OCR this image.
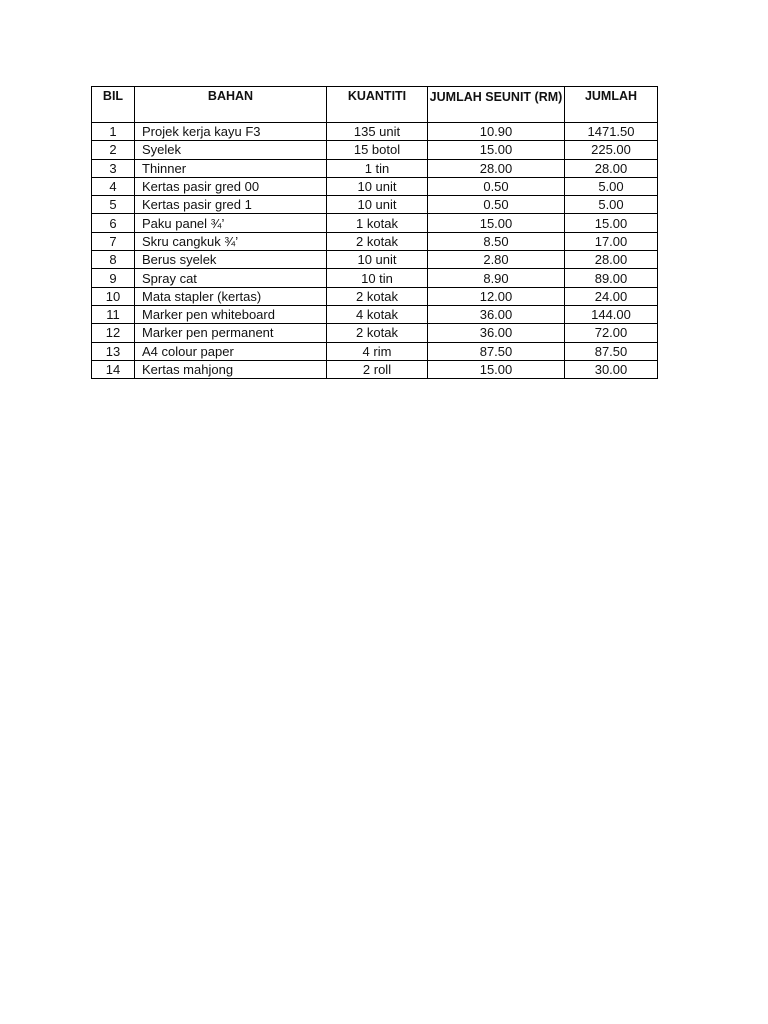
BIL	BAHAN	KUANTITI	JUMLAH SEUNIT (RM)	JUMLAH
1	Projek kerja kayu F3	135 unit	10.90	1471.50
2	Syelek	15 botol	15.00	225.00
3	Thinner	1 tin	28.00	28.00
4	Kertas pasir gred 00	10 unit	0.50	5.00
5	Kertas pasir gred 1	10 unit	0.50	5.00
6	Paku panel ¾’	1 kotak	15.00	15.00
7	Skru cangkuk ¾’	2 kotak	8.50	17.00
8	Berus syelek	10 unit	2.80	28.00
9	Spray cat	10 tin	8.90	89.00
10	Mata stapler (kertas)	2 kotak	12.00	24.00
11	Marker pen whiteboard	4 kotak	36.00	144.00
12	Marker pen permanent	2 kotak	36.00	72.00
13	A4 colour paper	4 rim	87.50	87.50
14	Kertas mahjong	2 roll	15.00	30.00
